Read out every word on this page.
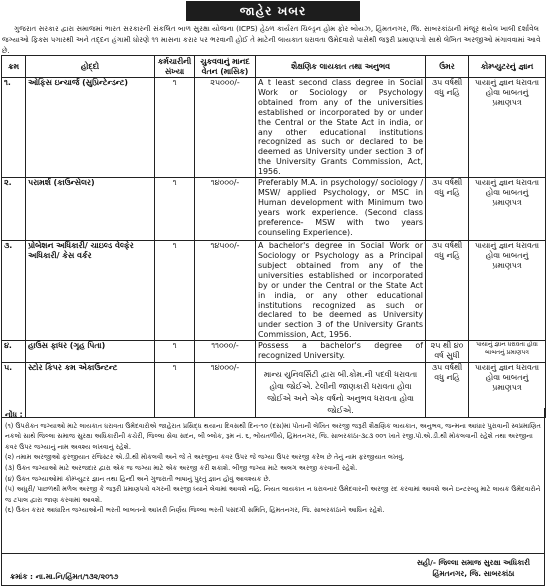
જાહેર ખબર
ગુજરાત સરકાર દ્વારા સમાજમાં ભારત સરકારની સંકલિત બાળ સુરક્ષા યોજના (ICPS) હેઠળ કાર્યરત ચિલ્ડ્રન હોમ ફોર બોયઝ, હિંમતનગર, જિ. સાબરકાંઠાની મંજૂર થયેલ ખાલી દર્શાવેલ જગ્યાઓ ફિક્સ પગારથી અને તદ્દન હંગામી ધોરણે ૧૧ માસના કરાર પર ભરવાની હોઈ તે માટેની લાયકાત ધરાવતા ઉમેદવારો પાસેથી જરૂરી પ્રમાણપત્રો સાથે લેખિત અરજીઓ મંગાવવામાં આવે છે.
ક્રમ	હોદ્દો	કર્મચારીની સંખ્યા	ચુકવવાનું માનદ વેતન (માસિક)	શૈક્ષણિક લાયકાત તથા અનુભવ	ઉંમર	કોમ્પ્યુટરનું જ્ઞાન
૧.	ઓફિસ ઇન્ચાર્જ (સુપ્રિન્ટેન્ડન્ટ)	૧	૨૫૦૦૦/-	A t least second class degree in Social Work or Sociology or Psychology obtained from any of the universities established or incorporated by or under the Central or the State Act in india, or any other educational institutions recognized as such or declared to be deemed as University under section 3 of the University Grants Commission, Act, 1956.	૩૫ વર્ષથી વધુ નહિ	પાયાનું જ્ઞાન ધરાવતા હોવા બાબતનું પ્રમાણપત્ર
૨.	પરામર્શ (કાઉન્સેલર)	૧	૧૪૦૦૦/-	Preferably M.A. in psychology/ sociology / MSW/ applied Psychology, or MSC in Human development with Minimum two years work experience. (Second class preference- MSW with two years counseling Experience).	૩૫ વર્ષથી વધુ નહિ	પાયાનું જ્ઞાન ધરાવતા હોવા બાબતનું પ્રમાણપત્ર
૩.	પ્રોબેશન અધિકારી/ ચાઇલ્ડ વેલ્ફેર અધિકારી/ કેસ વર્કર	૧	૧૪૫૦૦/-	A bachelor's degree in Social Work or Sociology or Psychology as a Principal subject obtained from any of the universities established or incorporated by or under the Central or the State Act in india, or any other educational institutions recognized as such or declared to be deemed as University under section 3 of the University Grants Commission, Act, 1956.	૩૫ વર્ષથી વધુ નહિ	પાયાનું જ્ઞાન ધરાવતા હોવા બાબતનું પ્રમાણપત્ર
૪.	હાઉસ ફાધર (ગૃહ પિતા)	૧	૧૧૦૦૦/-	Possess a bachelor's degree of recognized University.	૨૫ થી ૪૦ વર્ષ સુધી	પાયાનું જ્ઞાન ધરાવતા હોવા બાબતનું પ્રમાણપત્ર
૫.	સ્ટોર કિપર કમ એકાઉન્ટન્ટ	૧	૧૪૦૦૦/-	માન્ય યુનિવર્સિટી દ્વારા બી.કોમ.ની પદવી ધરાવતા હોવા જોઈએ. ટેલીની જાણકારી ધરાવતા હોવા જોઈએ અને એક વર્ષનો અનુભવ ધરાવતા હોવા જોઈએ.	૩૫ વર્ષથી વધુ નહિ	પાયાનું જ્ઞાન ધરાવતા હોવા બાબતનું પ્રમાણપત્ર
નોંધ :
(૧) ઉપરોક્ત જગ્યાઓ માટે લાયકાત ધરાવતા ઉમેદવારોએ જાહેરાત પ્રસિદ્ધ થયાના દિવસથી દિન-૧૦ (દસ)માં પોતાની લેખિત અરજી જરૂરી શૈક્ષણિક લાયકાત, અનુભવ, જન્મના આધાર પુરાવાની સ્વપ્રમાણિત નકલો સાથે જિલ્લા સમાજ સુરક્ષા અધિકારીની કચેરી, જિલ્લા સેવા સદન, બી બ્લોક, રૂમ નં. ૬, ભોંયતળીયે, હિંમતનગર, જિ. સાબરકાંઠા-૩૮૩ ૦૦૧ ખાતે રજી.પો.એ.ડી.થી મોકલવાની રહેશે તથા અરજીના કવર ઉપર જગ્યાનું નામ અવશ્ય લખવાનું રહેશે.
(૨) તમામ અરજીઓ ફરજીયાત રજિસ્ટર એ.ડી.થી મોકલવી અને જે તે અરજીના કવર ઉપર જે જગ્યા ઉપર અરજી કરેલ છે તેનું નામ ફરજીયાત લખવું.
(૩) ઉક્ત જગ્યાઓ માટે અરજદાર દ્વારા એક જ જગ્યા માટે એક અરજી કરી શકાશે. બીજી જગ્યા માટે અલગ અરજી કરવાની રહેશે.
(૪) ઉક્ત જગ્યાઓમાં કોમ્પ્યુટર જ્ઞાન તથા હિન્દી અને ગુજરાતી ભાષાનું પુરતું જ્ઞાન હોવું આવશ્યક છે.
(૫) અધુરી/ પાછળથી મળેલ અરજી કે જરૂરી પ્રમાણપત્રો વગરની અરજી ધ્યાને લેવામાં આવશે નહિ. નિયત લાયકાત ન ધરાવનાર ઉમેદવારની અરજી રદ કરવામાં આવશે અને ઇન્ટરવ્યુ માટે લાયક ઉમેદવારોને જ ટપાલ દ્વારા જાણ કરવામાં આવશે.
(૬) ઉક્ત કરાર આધારિત જગ્યાઓની ભરતી બાબતનો આખરી નિર્ણય જિલ્લા ભરતી પસંદગી સમિતિ, હિંમતનગર, જિ. સાબરકાંઠાને આધિન રહેશે.
સહી/- જિલ્લા સમાજ સુરક્ષા અધિકારી
હિંમતનગર, જિ. સાબરકાંઠા
ક્રમાંક : ના.મા.નિ/હિંમત/૧૩૨/૨૦૧૭
